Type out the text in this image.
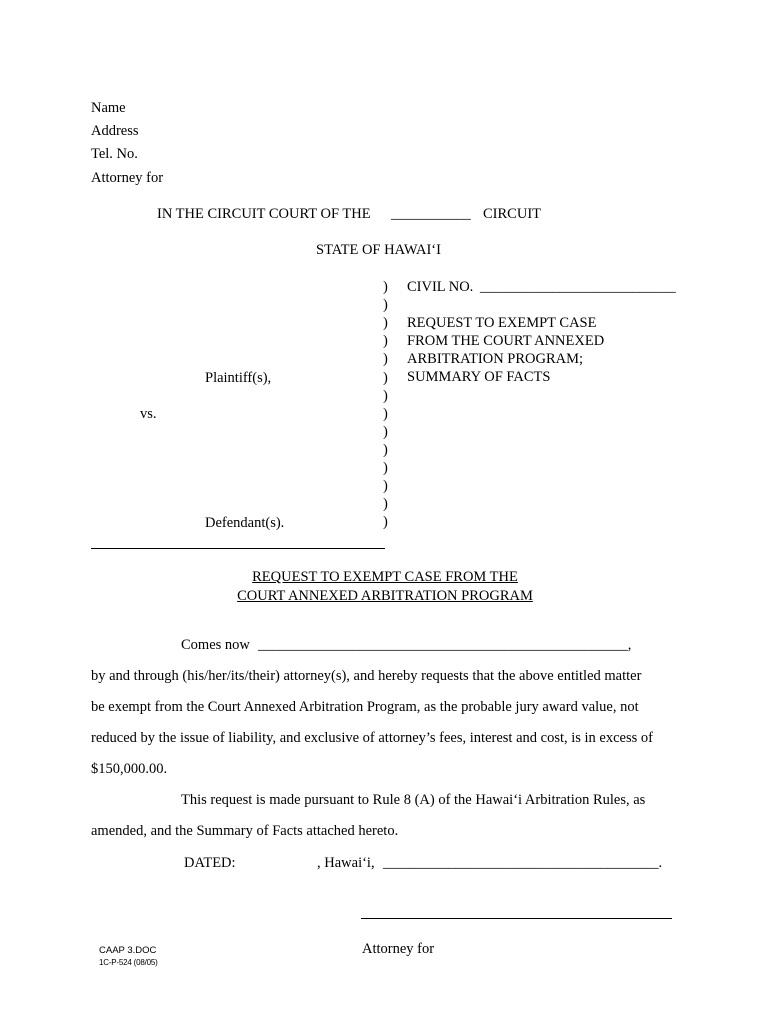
Name
Address
Tel. No.
Attorney for
IN THE CIRCUIT COURT OF THE ___________ CIRCUIT
STATE OF HAWAI‘I
Plaintiff(s),
vs.
Defendant(s).
)
)
)
)
)
)
)
)
)
)
)
)
)
)
CIVIL NO. ___________________________
REQUEST TO EXEMPT CASE
FROM THE COURT ANNEXED
ARBITRATION PROGRAM;
SUMMARY OF FACTS
REQUEST TO EXEMPT CASE FROM THE
COURT ANNEXED ARBITRATION PROGRAM
Comes now ___________________________________________________,
by and through (his/her/its/their) attorney(s), and hereby requests that the above entitled matter
be exempt from the Court Annexed Arbitration Program, as the probable jury award value, not
reduced by the issue of liability, and exclusive of attorney’s fees, interest and cost, is in excess of
$150,000.00.
This request is made pursuant to Rule 8 (A) of the Hawai‘i Arbitration Rules, as
amended, and the Summary of Facts attached hereto.
DATED:	, Hawai‘i, ______________________________________.
Attorney for
CAAP 3.DOC
1C-P-524 (08/05)
